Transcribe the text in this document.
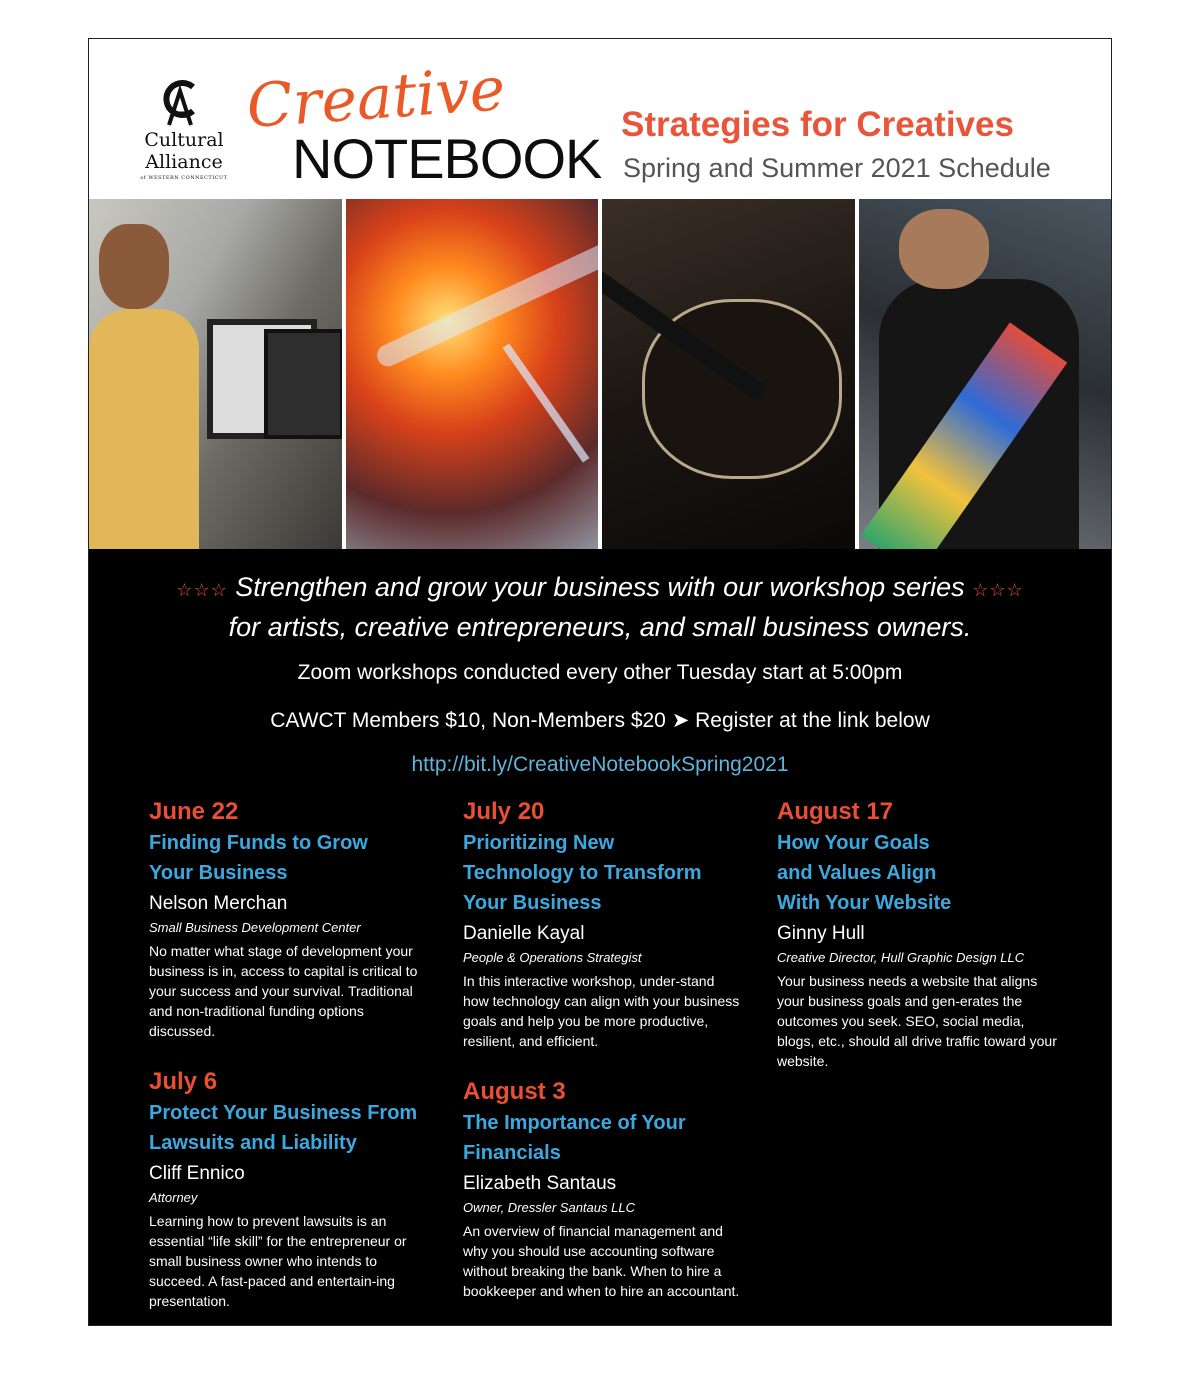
Cultural
Alliance
of WESTERN CONNECTICUT
Creative
NOTEBOOK
Strategies for Creatives
Spring and Summer 2021 Schedule
☆☆☆ Strengthen and grow your business with our workshop series ☆☆☆
for artists, creative entrepreneurs, and small business owners.
Zoom workshops conducted every other Tuesday start at 5:00pm
CAWCT Members $10, Non-Members $20 ➤ Register at the link below
http://bit.ly/CreativeNotebookSpring2021
June 22
Finding Funds to Grow
Your Business
Nelson Merchan
Small Business Development Center
No matter what stage of development your business is in, access to capital is critical to your success and your survival. Traditional and non-traditional funding options discussed.
July 6
Protect Your Business From
Lawsuits and Liability
Cliff Ennico
Attorney
Learning how to prevent lawsuits is an essential “life skill” for the entrepreneur or small business owner who intends to succeed. A fast-paced and entertain-ing presentation.
July 20
Prioritizing New
Technology to Transform
Your Business
Danielle Kayal
People & Operations Strategist
In this interactive workshop, under-stand how technology can align with your business goals and help you be more productive, resilient, and efficient.
August 3
The Importance of Your
Financials
Elizabeth Santaus
Owner, Dressler Santaus LLC
An overview of financial management and why you should use accounting software without breaking the bank. When to hire a bookkeeper and when to hire an accountant.
August 17
How Your Goals
and Values Align
With Your Website
Ginny Hull
Creative Director, Hull Graphic Design LLC
Your business needs a website that aligns your business goals and gen-erates the outcomes you seek. SEO, social media, blogs, etc., should all drive traffic toward your website.
